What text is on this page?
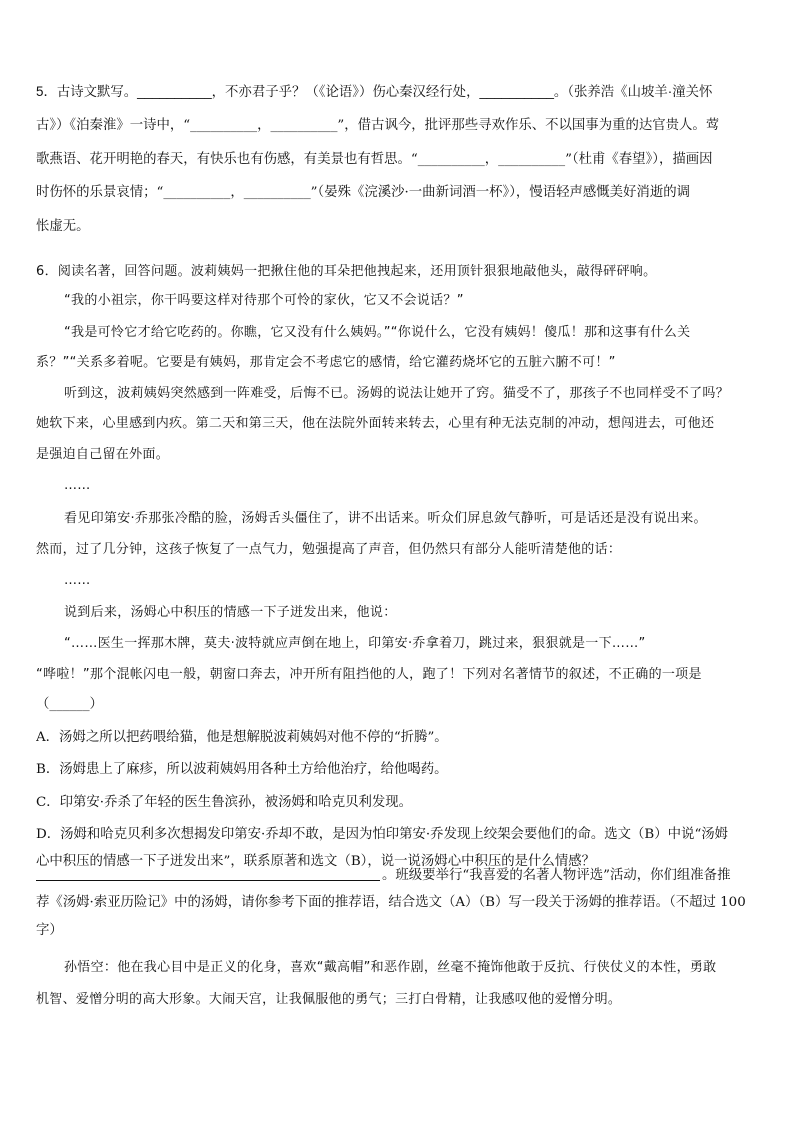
5．古诗文默写。__________，不亦君子乎？（《论语》）伤心秦汉经行处，__________。（张养浩《山坡羊·潼关怀
古》）《泊秦淮》一诗中，“__________，__________”，借古讽今，批评那些寻欢作乐、不以国事为重的达官贵人。莺
歌燕语、花开明艳的春天，有快乐也有伤感，有美景也有哲思。“__________，__________”（杜甫《春望》），描画因
时伤怀的乐景哀情；“__________，__________”（晏殊《浣溪沙·一曲新词酒一杯》），慢语轻声感慨美好消逝的调
怅虚无。
6．阅读名著，回答问题。波莉姨妈一把揪住他的耳朵把他拽起来，还用顶针狠狠地敲他头，敲得砰砰响。
“我的小祖宗，你干吗要这样对待那个可怜的家伙，它又不会说话？”
“我是可怜它才给它吃药的。你瞧，它又没有什么姨妈。”“你说什么，它没有姨妈！傻瓜！那和这事有什么关
系？”“关系多着呢。它要是有姨妈，那肯定会不考虑它的感情，给它灌药烧坏它的五脏六腑不可！”
听到这，波莉姨妈突然感到一阵难受，后悔不已。汤姆的说法让她开了窍。猫受不了，那孩子不也同样受不了吗？
她软下来，心里感到内疚。第二天和第三天，他在法院外面转来转去，心里有种无法克制的冲动，想闯进去，可他还
是强迫自己留在外面。
……
看见印第安·乔那张冷酷的脸，汤姆舌头僵住了，讲不出话来。听众们屏息敛气静听，可是话还是没有说出来。
然而，过了几分钟，这孩子恢复了一点气力，勉强提高了声音，但仍然只有部分人能听清楚他的话：
……
说到后来，汤姆心中积压的情感一下子迸发出来，他说：
“……医生一挥那木牌，莫夫·波特就应声倒在地上，印第安·乔拿着刀，跳过来，狠狠就是一下……”
“哗啦！”那个混帐闪电一般，朝窗口奔去，冲开所有阻挡他的人，跑了！下列对名著情节的叙述，不正确的一项是
（______）
A．汤姆之所以把药喂给猫，他是想解脱波莉姨妈对他不停的“折腾”。
B．汤姆患上了麻疹，所以波莉姨妈用各种土方给他治疗，给他喝药。
C．印第安·乔杀了年轻的医生鲁滨孙，被汤姆和哈克贝利发现。
D．汤姆和哈克贝利多次想揭发印第安·乔却不敢，是因为怕印第安·乔发现上绞架会要他们的命。选文（B）中说“汤姆
心中积压的情感一下子迸发出来”，联系原著和选文（B），说一说汤姆心中积压的是什么情感？
。班级要举行“我喜爱的名著人物评选”活动，你们组准备推
荐《汤姆·索亚历险记》中的汤姆，请你参考下面的推荐语，结合选文（A）（B）写一段关于汤姆的推荐语。（不超过 100
字）
孙悟空：他在我心目中是正义的化身，喜欢“戴高帽”和恶作剧，丝毫不掩饰他敢于反抗、行侠仗义的本性，勇敢
机智、爱憎分明的高大形象。大闹天宫，让我佩服他的勇气；三打白骨精，让我感叹他的爱憎分明。
